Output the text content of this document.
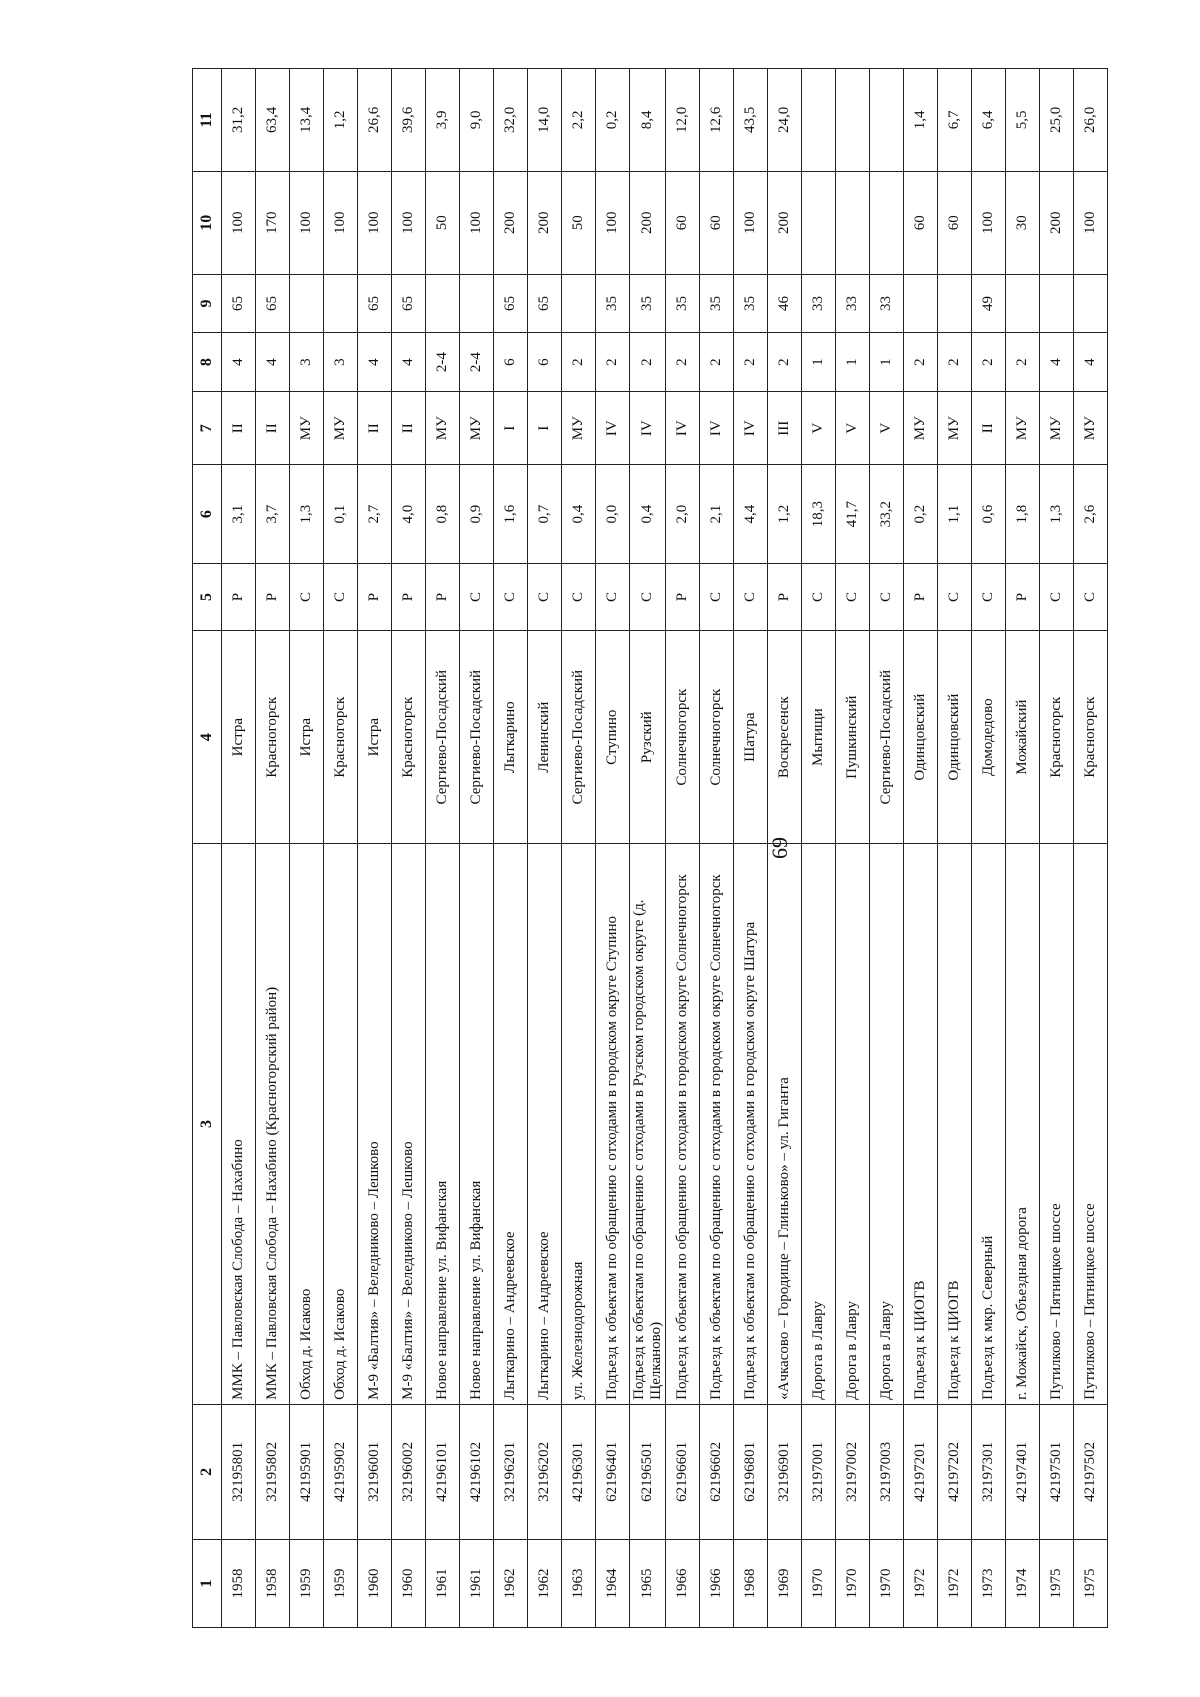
69
1	2	3	4	5	6	7	8	9	10	11
1958	32195801	ММК – Павловская Слобода – Нахабино	Истра	Р	3,1	II	4	65	100	31,2
1958	32195802	ММК – Павловская Слобода – Нахабино (Красногорский район)	Красногорск	Р	3,7	II	4	65	170	63,4
1959	42195901	Обход д. Исаково	Истра	С	1,3	МУ	3		100	13,4
1959	42195902	Обход д. Исаково	Красногорск	С	0,1	МУ	3		100	1,2
1960	32196001	М-9 «Балтия» – Веледниково – Лешково	Истра	Р	2,7	II	4	65	100	26,6
1960	32196002	М-9 «Балтия» – Веледниково – Лешково	Красногорск	Р	4,0	II	4	65	100	39,6
1961	42196101	Новое направление ул. Вифанская	Сергиево-Посадский	Р	0,8	МУ	2-4		50	3,9
1961	42196102	Новое направление ул. Вифанская	Сергиево-Посадский	С	0,9	МУ	2-4		100	9,0
1962	32196201	Лыткарино – Андреевское	Лыткарино	С	1,6	I	6	65	200	32,0
1962	32196202	Лыткарино – Андреевское	Ленинский	С	0,7	I	6	65	200	14,0
1963	42196301	ул. Железнодорожная	Сергиево-Посадский	С	0,4	МУ	2		50	2,2
1964	62196401	Подъезд к объектам по обращению с отходами в городском округе Ступино	Ступино	С	0,0	IV	2	35	100	0,2
1965	62196501	Подъезд к объектам по обращению с отходами в Рузском городском округе (д. Щелканово)	Рузский	С	0,4	IV	2	35	200	8,4
1966	62196601	Подъезд к объектам по обращению с отходами в городском округе Солнечногорск	Солнечногорск	Р	2,0	IV	2	35	60	12,0
1966	62196602	Подъезд к объектам по обращению с отходами в городском округе Солнечногорск	Солнечногорск	С	2,1	IV	2	35	60	12,6
1968	62196801	Подъезд к объектам по обращению с отходами в городском округе Шатура	Шатура	С	4,4	IV	2	35	100	43,5
1969	32196901	«Ачкасово – Городище – Глиньково» – ул. Гиганта	Воскресенск	Р	1,2	III	2	46	200	24,0
1970	32197001	Дорога в Лавру	Мытищи	С	18,3	V	1	33		
1970	32197002	Дорога в Лавру	Пушкинский	С	41,7	V	1	33		
1970	32197003	Дорога в Лавру	Сергиево-Посадский	С	33,2	V	1	33		
1972	42197201	Подъезд к ЦИОГВ	Одинцовский	Р	0,2	МУ	2		60	1,4
1972	42197202	Подъезд к ЦИОГВ	Одинцовский	С	1,1	МУ	2		60	6,7
1973	32197301	Подъезд к мкр. Северный	Домодедово	С	0,6	II	2	49	100	6,4
1974	42197401	г. Можайск, Объездная дорога	Можайский	Р	1,8	МУ	2		30	5,5
1975	42197501	Путилково – Пятницкое шоссе	Красногорск	С	1,3	МУ	4		200	25,0
1975	42197502	Путилково – Пятницкое шоссе	Красногорск	С	2,6	МУ	4		100	26,0
